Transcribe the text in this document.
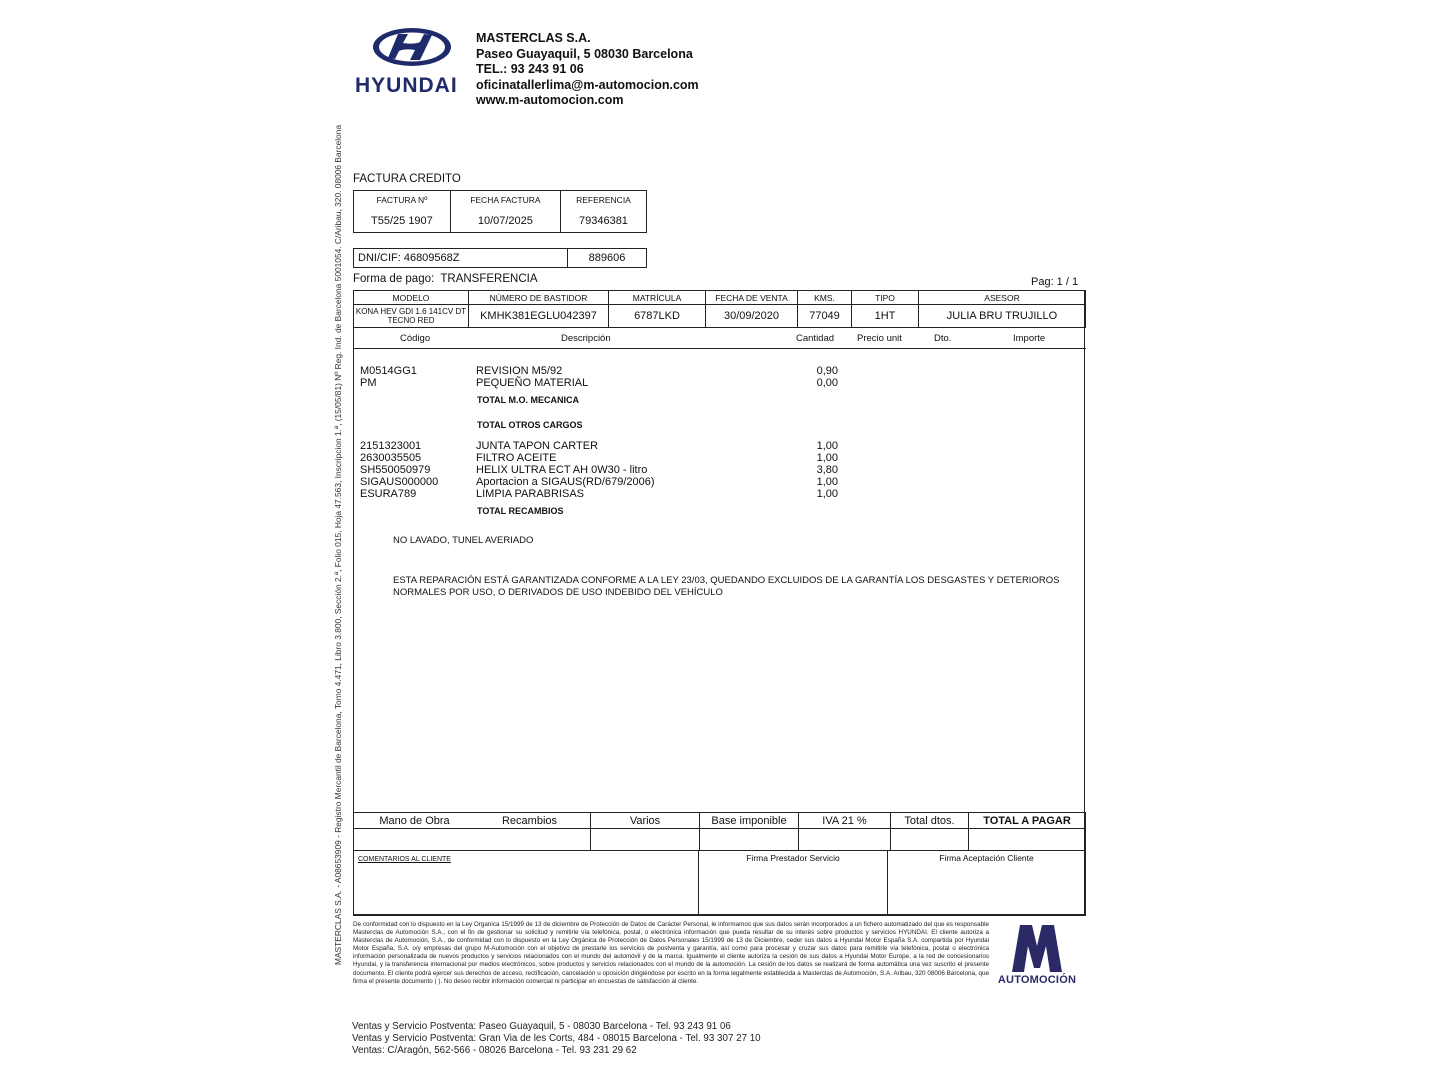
HYUNDAI
MASTERCLAS S.A.
Paseo Guayaquil, 5 08030 Barcelona
TEL.: 93 243 91 06
oficinatallerlima@m-automocion.com
www.m-automocion.com
MASTERCLAS S.A. - A08653909 - Registro Mercantil de Barcelona, Tomo 4.471, Libro 3.800, Sección 2.ª, Folio 015, Hoja 47.563, Inscripcion 1.ª, (15/05/81) Nº Reg. Ind. de Barcelona 5001054. C/Aribau, 320. 08006 Barcelona FACTURA CREDITO
FACTURA Nº	FECHA FACTURA	REFERENCIA
T55/25 1907	10/07/2025	79346381
DNI/CIF: 46809568Z	889606
Forma de pago: TRANSFERENCIA	Pag: 1 / 1
MODELO	NÚMERO DE BASTIDOR	MATRÍCULA	FECHA DE VENTA	KMS.	TIPO	ASESOR

KONA HEV GDI 1.6 141CV DT
TECNO RED	KMHK381EGLU042397	6787LKD	30/09/2020	77049	1HT	JULIA BRU TRUJILLO
Código	Descripción	Cantidad Precio unit	Dto.	Importe
M0514GG1	REVISION M5/92	0,90
PM	PEQUEÑO MATERIAL	0,00
TOTAL M.O. MECANICA
TOTAL OTROS CARGOS
2151323001	JUNTA TAPON CARTER	1,00
2630035505	FILTRO ACEITE	1,00
SH550050979	HELIX ULTRA ECT AH 0W30 - litro	3,80
SIGAUS000000	Aportacion a SIGAUS(RD/679/2006)	1,00
ESURA789	LIMPIA PARABRISAS	1,00
TOTAL RECAMBIOS
NO LAVADO, TUNEL AVERIADO
ESTA REPARACIÓN ESTÁ GARANTIZADA CONFORME A LA LEY 23/03, QUEDANDO EXCLUIDOS DE LA GARANTÍA LOS DESGASTES Y DETERIOROS
NORMALES POR USO, O DERIVADOS DE USO INDEBIDO DEL VEHÍCULO
Mano de Obra Recambios	Varios	Base imponible	IVA 21 %	Total dtos.	TOTAL A PAGAR

COMENTARIOS AL CLIENTE	Firma Prestador Servicio	Firma Aceptación Cliente
De conformidad con lo dispuesto en la Ley Organica 15/1999 de 13 de diciembre de Protección de Datos de Carácter Personal, le informamos que sus datos serán incorporados a un fichero automatizado del que es responsable Masterclas de Automoción S.A., con el fin de gestionar su solicitud y remitirle vía telefónica, postal, o electrónica información que pueda resultar de su interés sobre productos y servicios HYUNDAI. El cliente autoriza a Masterclas de Automoción, S.A., de conformidad con lo dispuesto en la Ley Orgánica de Protección de Datos Personales 15/1999 de 13 de Diciembre, ceder sus datos a Hyundai Motor España S.A. compartida por Hyundai Motor España, S.A. o/y empresas del grupo M-Automoción con el objetivo de prestarle los servicios de postventa y garantía, así como para procesar y cruzar sus datos para remitirle vía telefónica, postal o electrónica información personalizada de nuevos productos y servicios relacionados con el mundo del automóvil y de la marca. Igualmente el cliente autoriza la cesión de sus datos a Hyundai Motor Europe, a la red de concesionarios Hyundai, y la transferencia internacional por medios electrónicos, sobre productos y servicios relacionados con el mundo de la automoción. La cesión de los datos se realizará de forma automática una vez suscrito el presente documento. El cliente podrá ejercer sus derechos de acceso, rectificación, cancelación u oposición dirigiéndose por escrito en la forma legalmente establecida a Masterclas de Automoción, S.A. Aribau, 320 08006 Barcelona, que firma el presente documento ( ). No deseo recibir información comercial ni participar en encuestas de satisfacción al cliente.	AUTOMOCIÓN
Ventas y Servicio Postventa: Paseo Guayaquil, 5 - 08030 Barcelona - Tel. 93 243 91 06
Ventas y Servicio Postventa: Gran Via de les Corts, 484 - 08015 Barcelona - Tel. 93 307 27 10
Ventas: C/Aragón, 562-566 - 08026 Barcelona - Tel. 93 231 29 62
